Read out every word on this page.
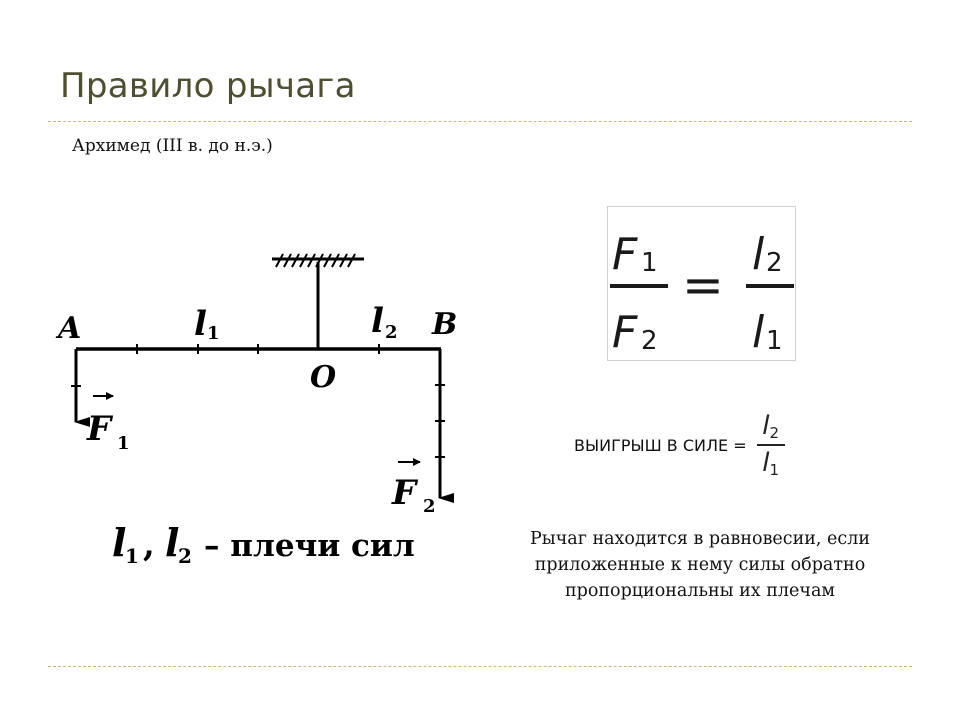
Правило рычага
Архимед (III в. до н.э.)
A	B
O
l 1	l 2
F 1
F 2
l
1 , l
2 – плечи сил
F 1
F 2
=
l 2
l 1
ВЫИГРЫШ В СИЛЕ = $\frac{l_2}{l_1}$
Рычаг находится в равновесии, если
приложенные к нему силы обратно
пропорциональны их плечам
